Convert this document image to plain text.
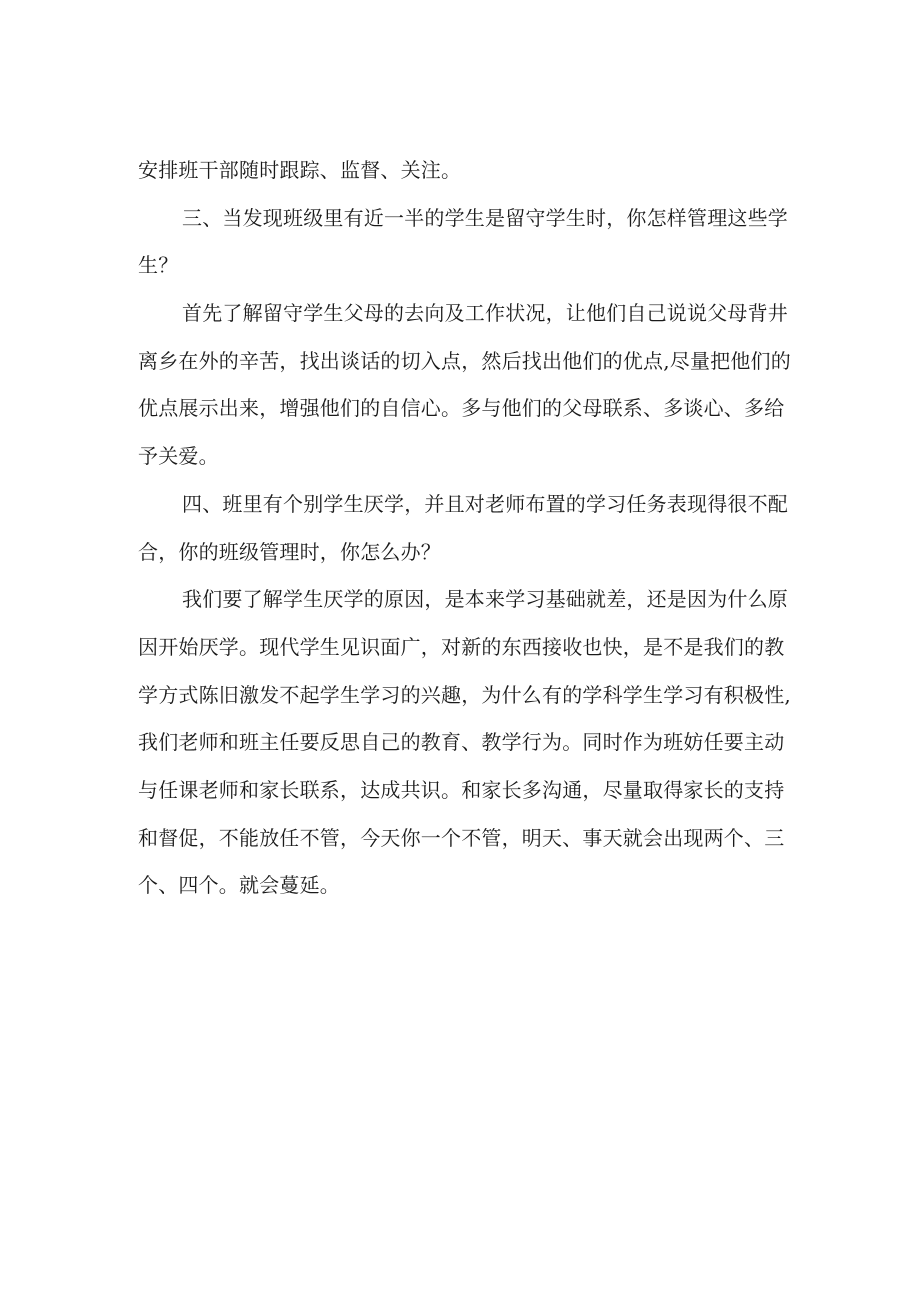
安排班干部随时跟踪、监督、关注。

三、当发现班级里有近一半的学生是留守学生时，你怎样管理这些学

生？

首先了解留守学生父母的去向及工作状况，让他们自己说说父母背井

离乡在外的辛苦，找出谈话的切入点，然后找出他们的优点,尽量把他们的

优点展示出来，增强他们的自信心。多与他们的父母联系、多谈心、多给

予关爱。

四、班里有个别学生厌学，并且对老师布置的学习任务表现得很不配

合，你的班级管理时，你怎么办？

我们要了解学生厌学的原因，是本来学习基础就差，还是因为什么原

因开始厌学。现代学生见识面广，对新的东西接收也快，是不是我们的教

学方式陈旧激发不起学生学习的兴趣，为什么有的学科学生学习有积极性,

我们老师和班主任要反思自己的教育、教学行为。同时作为班妨任要主动

与任课老师和家长联系，达成共识。和家长多沟通，尽量取得家长的支持

和督促，不能放任不管，今天你一个不管，明天、事天就会出现两个、三

个、四个。就会蔓延。
